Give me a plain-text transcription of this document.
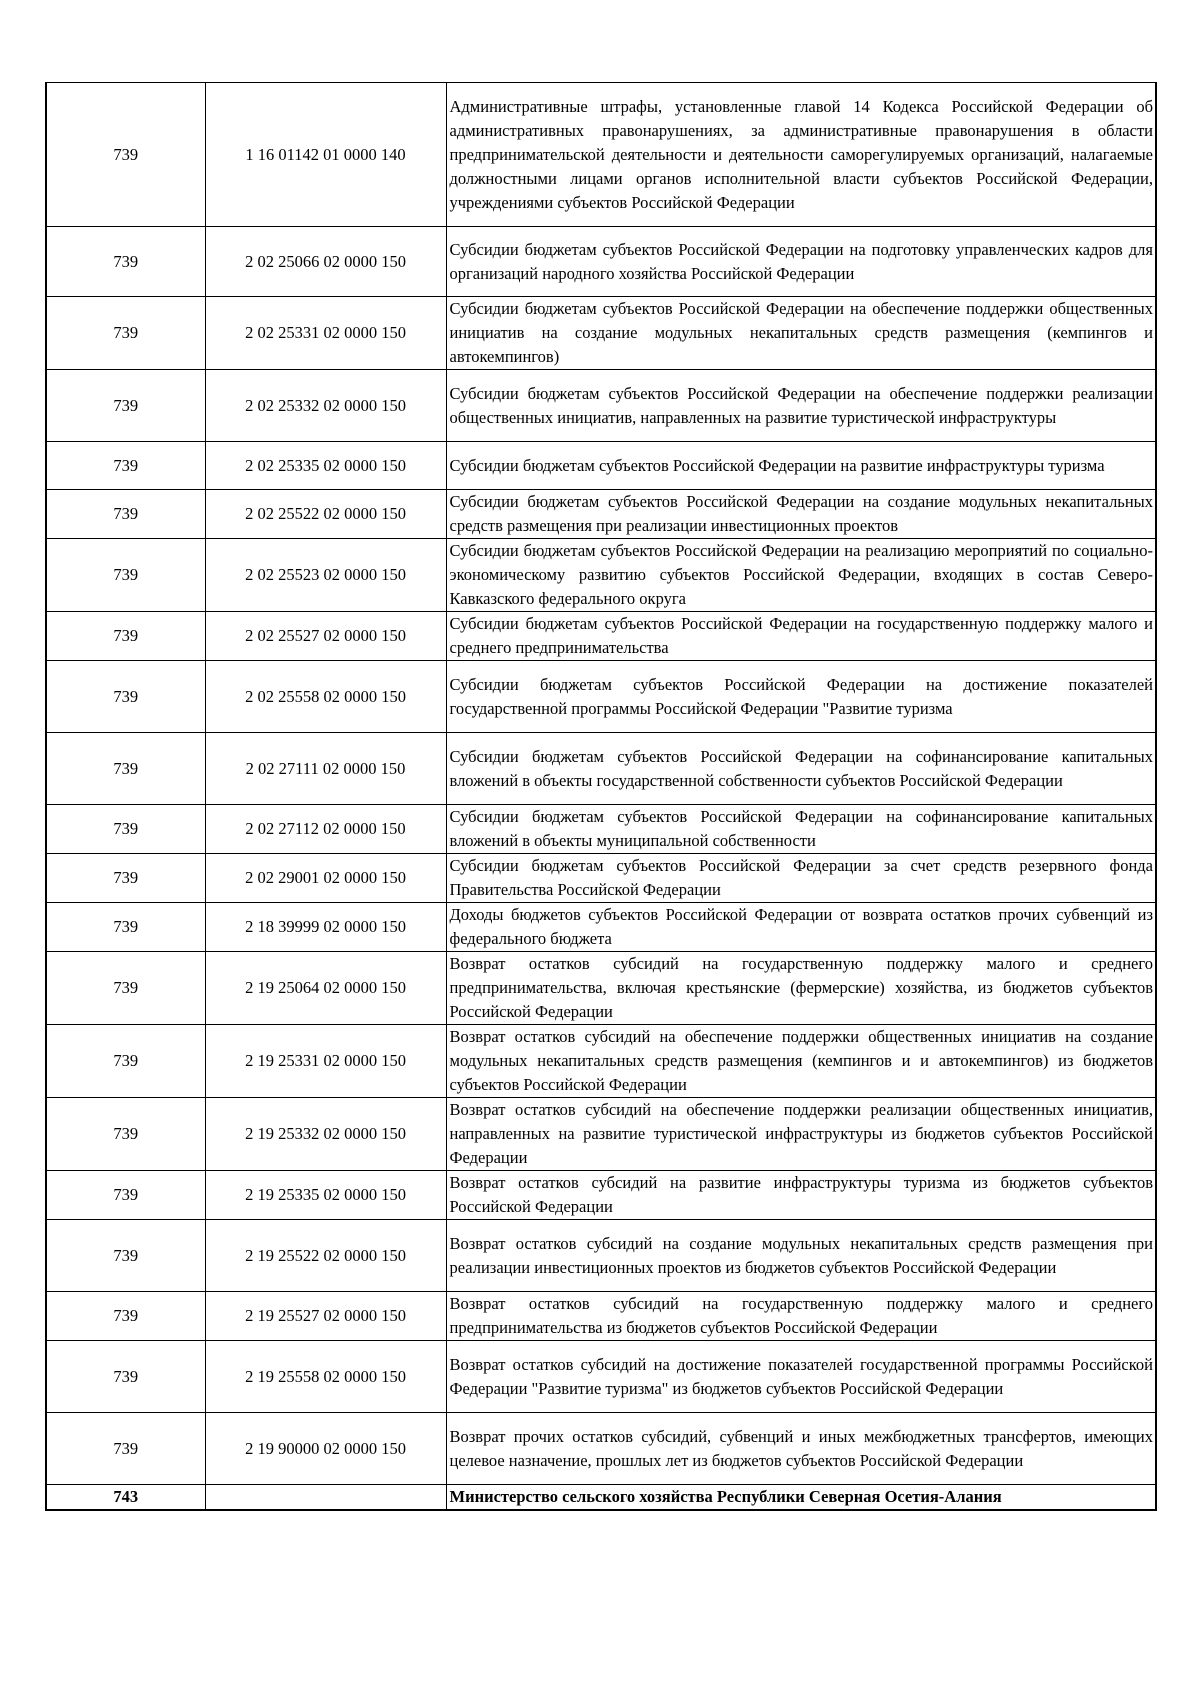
739	1 16 01142 01 0000 140	Административные штрафы, установленные главой 14 Кодекса Российской Федерации об административных правонарушениях, за административные правонарушения в области предпринимательской деятельности и деятельности саморегулируемых организаций, налагаемые должностными лицами органов исполнительной власти субъектов Российской Федерации, учреждениями субъектов Российской Федерации
739	2 02 25066 02 0000 150	Субсидии бюджетам субъектов Российской Федерации на подготовку управленческих кадров для организаций народного хозяйства Российской Федерации
739	2 02 25331 02 0000 150	Субсидии бюджетам субъектов Российской Федерации на обеспечение поддержки общественных инициатив на создание модульных некапитальных средств размещения (кемпингов и автокемпингов)
739	2 02 25332 02 0000 150	Субсидии бюджетам субъектов Российской Федерации на обеспечение поддержки реализации общественных инициатив, направленных на развитие туристической инфраструктуры
739	2 02 25335 02 0000 150	Субсидии бюджетам субъектов Российской Федерации на развитие инфраструктуры туризма
739	2 02 25522 02 0000 150	Субсидии бюджетам субъектов Российской Федерации на создание модульных некапитальных средств размещения при реализации инвестиционных проектов
739	2 02 25523 02 0000 150	Субсидии бюджетам субъектов Российской Федерации на реализацию мероприятий по социально-экономическому развитию субъектов Российской Федерации, входящих в состав Северо-Кавказского федерального округа
739	2 02 25527 02 0000 150	Субсидии бюджетам субъектов Российской Федерации на государственную поддержку малого и среднего предпринимательства
739	2 02 25558 02 0000 150	Субсидии бюджетам субъектов Российской Федерации на достижение показателей государственной программы Российской Федерации "Развитие туризма
739	2 02 27111 02 0000 150	Субсидии бюджетам субъектов Российской Федерации на софинансирование капитальных вложений в объекты государственной собственности субъектов Российской Федерации
739	2 02 27112 02 0000 150	Субсидии бюджетам субъектов Российской Федерации на софинансирование капитальных вложений в объекты муниципальной собственности
739	2 02 29001 02 0000 150	Субсидии бюджетам субъектов Российской Федерации за счет средств резервного фонда Правительства Российской Федерации
739	2 18 39999 02 0000 150	Доходы бюджетов субъектов Российской Федерации от возврата остатков прочих субвенций из федерального бюджета
739	2 19 25064 02 0000 150	Возврат остатков субсидий на государственную поддержку малого и среднего предпринимательства, включая крестьянские (фермерские) хозяйства, из бюджетов субъектов Российской Федерации
739	2 19 25331 02 0000 150	Возврат остатков субсидий на обеспечение поддержки общественных инициатив на создание модульных некапитальных средств размещения (кемпингов и и автокемпингов) из бюджетов субъектов Российской Федерации
739	2 19 25332 02 0000 150	Возврат остатков субсидий на обеспечение поддержки реализации общественных инициатив, направленных на развитие туристической инфраструктуры из бюджетов субъектов Российской Федерации
739	2 19 25335 02 0000 150	Возврат остатков субсидий на развитие инфраструктуры туризма из бюджетов субъектов Российской Федерации
739	2 19 25522 02 0000 150	Возврат остатков субсидий на создание модульных некапитальных средств размещения при реализации инвестиционных проектов из бюджетов субъектов Российской Федерации
739	2 19 25527 02 0000 150	Возврат остатков субсидий на государственную поддержку малого и среднего предпринимательства из бюджетов субъектов Российской Федерации
739	2 19 25558 02 0000 150	Возврат остатков субсидий на достижение показателей государственной программы Российской Федерации "Развитие туризма" из бюджетов субъектов Российской Федерации
739	2 19 90000 02 0000 150	Возврат прочих остатков субсидий, субвенций и иных межбюджетных трансфертов, имеющих целевое назначение, прошлых лет из бюджетов субъектов Российской Федерации
743		Министерство сельского хозяйства Республики Северная Осетия-Алания
